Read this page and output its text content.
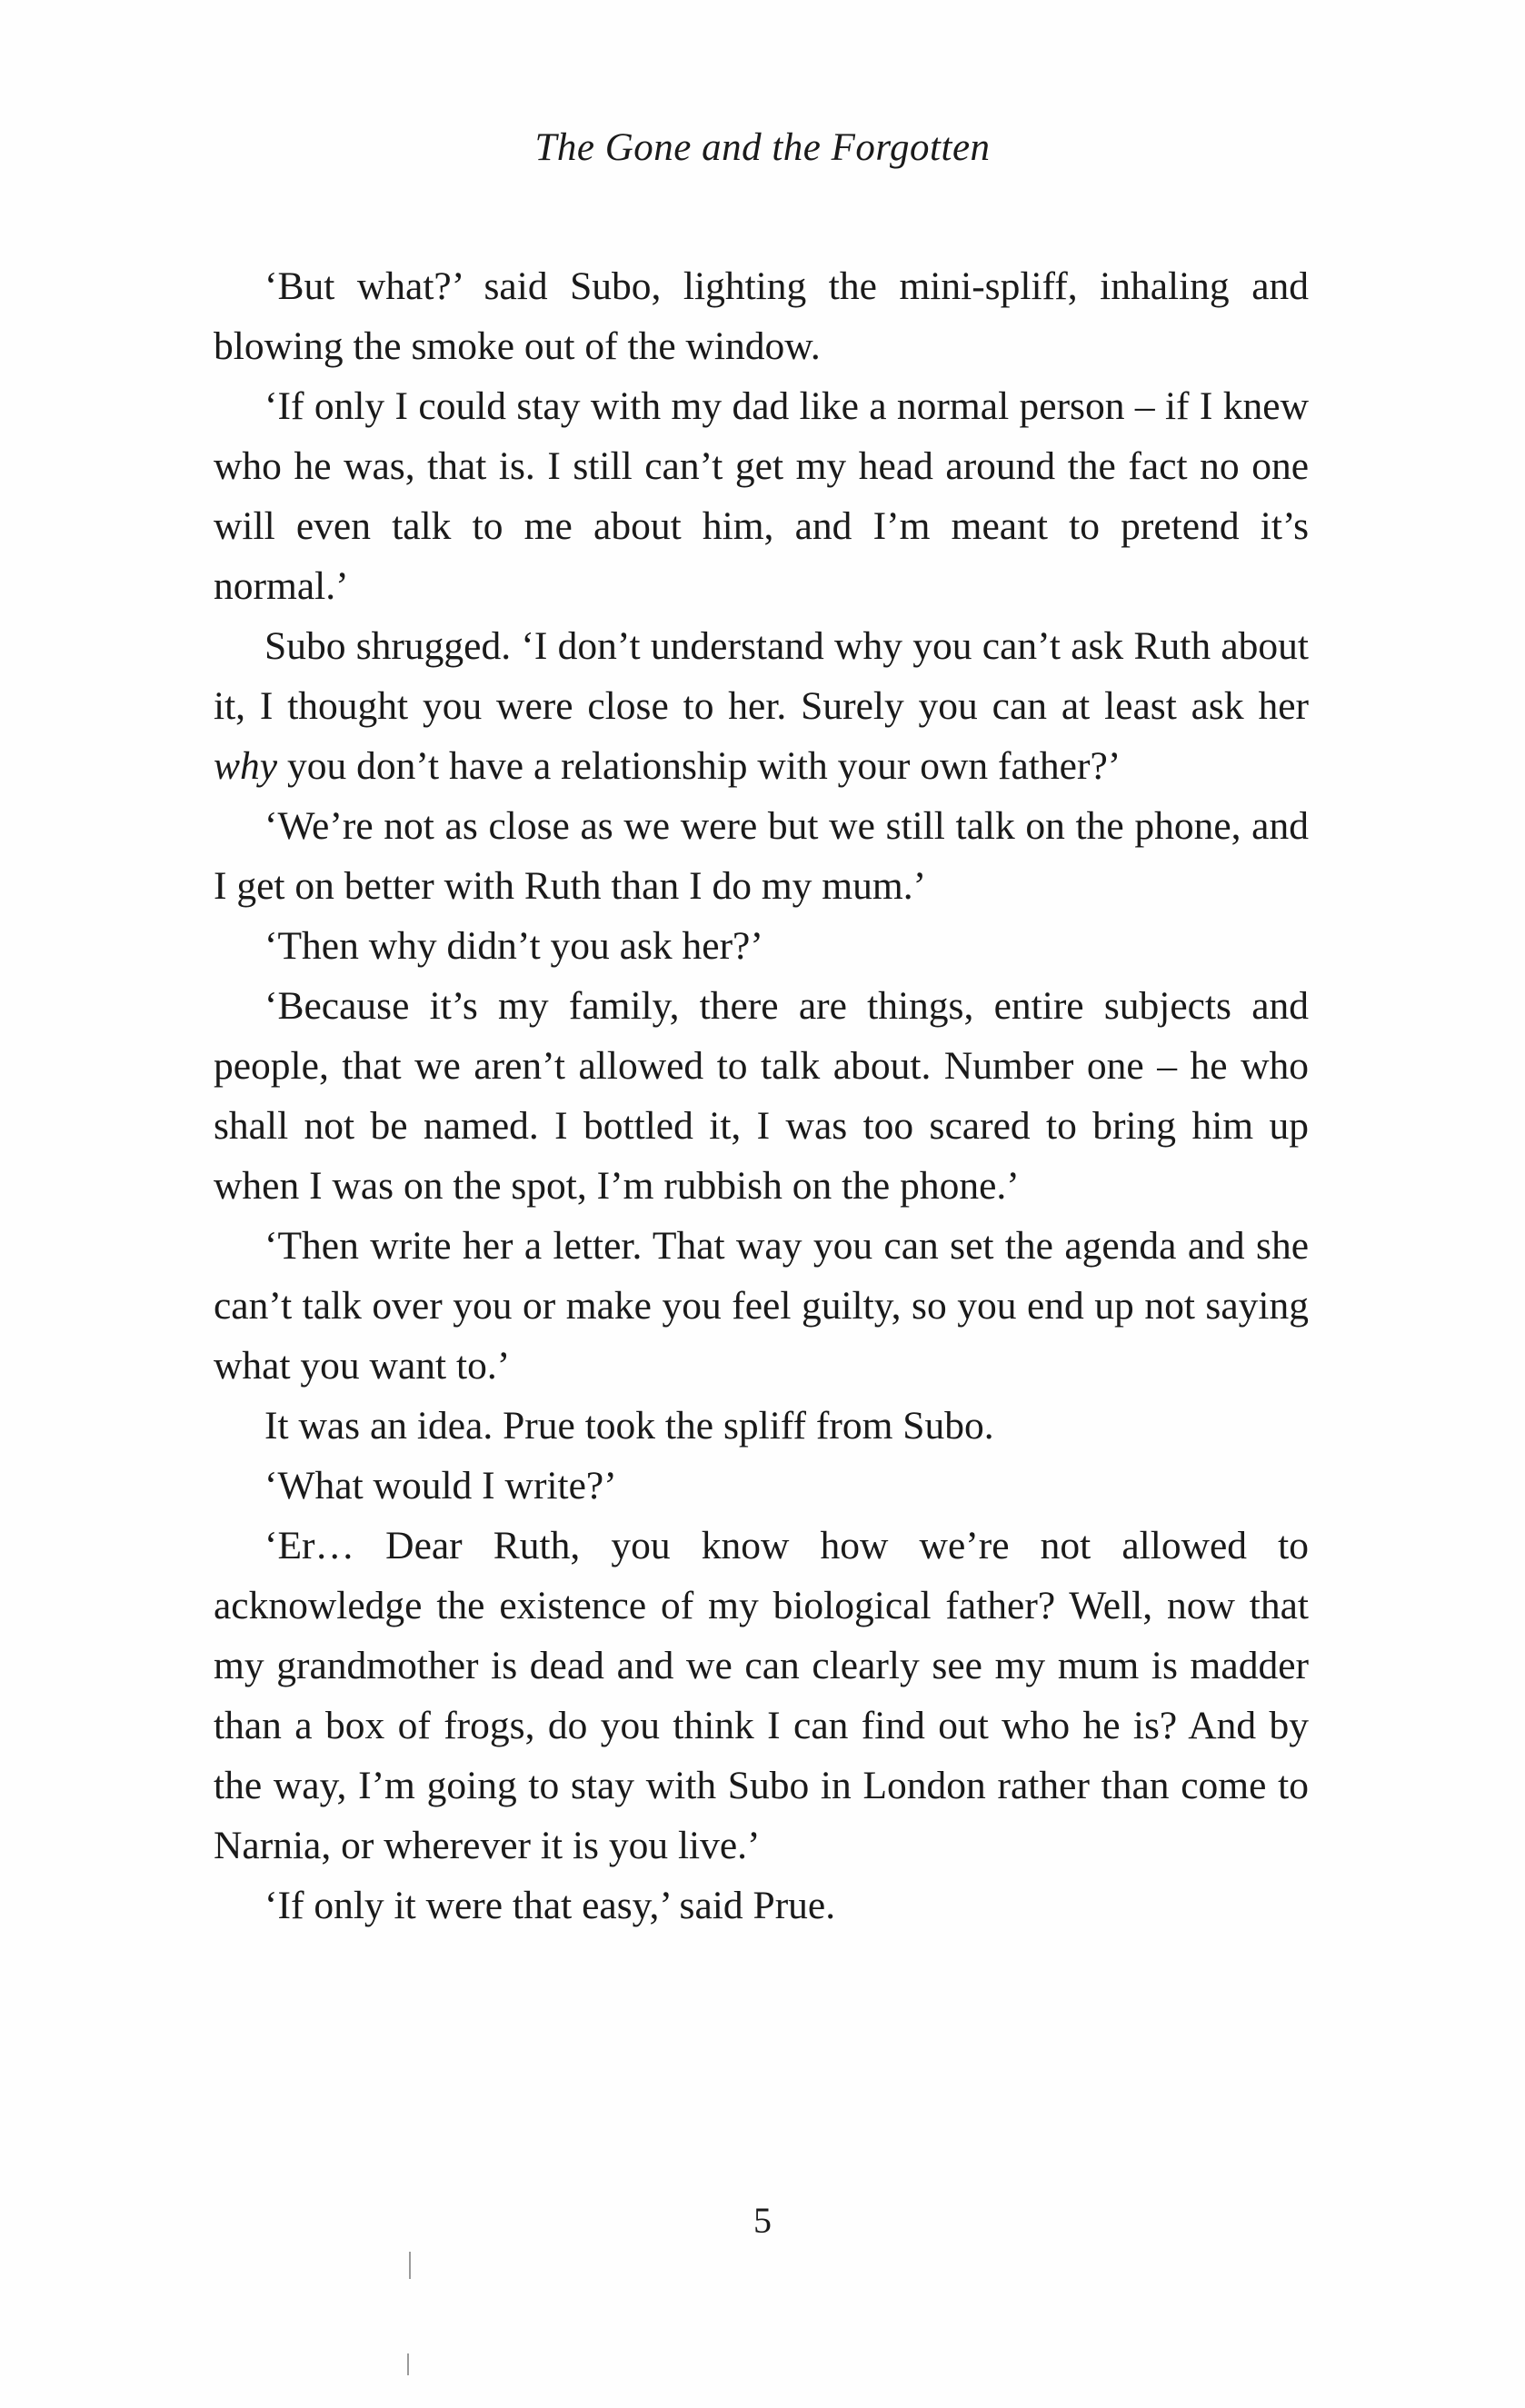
The Gone and the Forgotten

‘But what?’ said Subo, lighting the mini-spliff, inhaling and blowing the smoke out of the window.

‘If only I could stay with my dad like a normal person – if I knew who he was, that is. I still can’t get my head around the fact no one will even talk to me about him, and I’m meant to pretend it’s normal.’

Subo shrugged. ‘I don’t understand why you can’t ask Ruth about it, I thought you were close to her. Surely you can at least ask her why you don’t have a relationship with your own father?’

‘We’re not as close as we were but we still talk on the phone, and I get on better with Ruth than I do my mum.’

‘Then why didn’t you ask her?’

‘Because it’s my family, there are things, entire subjects and people, that we aren’t allowed to talk about. Number one – he who shall not be named. I bottled it, I was too scared to bring him up when I was on the spot, I’m rubbish on the phone.’

‘Then write her a letter. That way you can set the agenda and she can’t talk over you or make you feel guilty, so you end up not saying what you want to.’

It was an idea. Prue took the spliff from Subo.

‘What would I write?’

‘Er… Dear Ruth, you know how we’re not allowed to acknowledge the existence of my biological father? Well, now that my grandmother is dead and we can clearly see my mum is madder than a box of frogs, do you think I can find out who he is? And by the way, I’m going to stay with Subo in London rather than come to Narnia, or wherever it is you live.’

‘If only it were that easy,’ said Prue.

5
